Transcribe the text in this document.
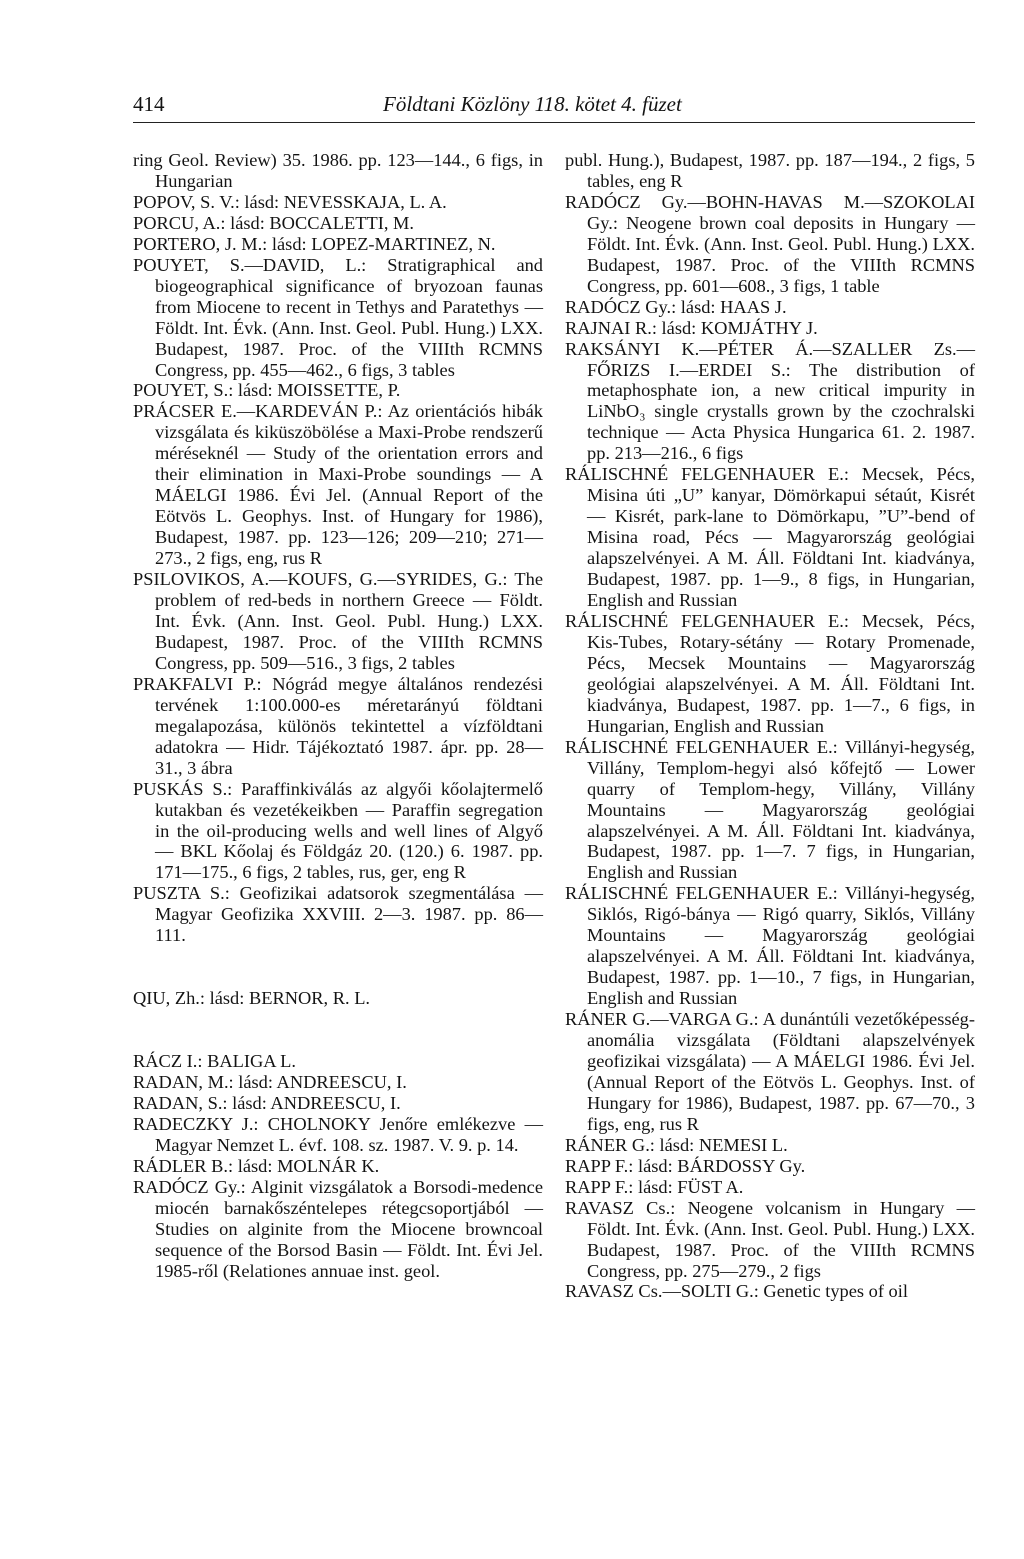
414	Földtani Közlöny 118. kötet 4. füzet

ring Geol. Review) 35. 1986. pp. 123—144., 6 figs, in Hungarian

POPOV, S. V.: lásd: NEVESSKAJA, L. A.

PORCU, A.: lásd: BOCCALETTI, M.

PORTERO, J. M.: lásd: LOPEZ-MARTINEZ, N.

POUYET, S.—DAVID, L.: Stratigraphical and biogeographical significance of bryozoan faunas from Miocene to recent in Tethys and Paratethys — Földt. Int. Évk. (Ann. Inst. Geol. Publ. Hung.) LXX. Budapest, 1987. Proc. of the VIIIth RCMNS Congress, pp. 455—462., 6 figs, 3 tables

POUYET, S.: lásd: MOISSETTE, P.

PRÁCSER E.—KARDEVÁN P.: Az orientációs hibák vizsgálata és kiküszöbölése a Maxi-Probe rendszerű méréseknél — Study of the orientation errors and their elimination in Maxi-Probe soundings — A MÁELGI 1986. Évi Jel. (Annual Report of the Eötvös L. Geophys. Inst. of Hungary for 1986), Budapest, 1987. pp. 123—126; 209—210; 271—273., 2 figs, eng, rus R

PSILOVIKOS, A.—KOUFS, G.—SYRIDES, G.: The problem of red-beds in northern Greece — Földt. Int. Évk. (Ann. Inst. Geol. Publ. Hung.) LXX. Budapest, 1987. Proc. of the VIIIth RCMNS Congress, pp. 509—516., 3 figs, 2 tables

PRAKFALVI P.: Nógrád megye általános rendezési tervének 1:100.000-es méretarányú földtani megalapozása, különös tekintettel a vízföldtani adatokra — Hidr. Tájékoztató 1987. ápr. pp. 28—31., 3 ábra

PUSKÁS S.: Paraffinkiválás az algyői kőolajtermelő kutakban és vezetékeikben — Paraffin segregation in the oil-producing wells and well lines of Algyő — BKL Kőolaj és Földgáz 20. (120.) 6. 1987. pp. 171—175., 6 figs, 2 tables, rus, ger, eng R

PUSZTA S.: Geofizikai adatsorok szegmentálása — Magyar Geofizika XXVIII. 2—3. 1987. pp. 86—111.

QIU, Zh.: lásd: BERNOR, R. L.

RÁCZ I.: BALIGA L.

RADAN, M.: lásd: ANDREESCU, I.

RADAN, S.: lásd: ANDREESCU, I.

RADECZKY J.: CHOLNOKY Jenőre emlékezve — Magyar Nemzet L. évf. 108. sz. 1987. V. 9. p. 14.

RÁDLER B.: lásd: MOLNÁR K.

RADÓCZ Gy.: Alginit vizsgálatok a Borsodi-medence miocén barnakőszéntelepes rétegcsoportjából — Studies on alginite from the Miocene browncoal sequence of the Borsod Basin — Földt. Int. Évi Jel. 1985-ről (Relationes annuae inst. geol.

publ. Hung.), Budapest, 1987. pp. 187—194., 2 figs, 5 tables, eng R

RADÓCZ Gy.—BOHN-HAVAS M.—SZOKOLAI Gy.: Neogene brown coal deposits in Hungary — Földt. Int. Évk. (Ann. Inst. Geol. Publ. Hung.) LXX. Budapest, 1987. Proc. of the VIIIth RCMNS Congress, pp. 601—608., 3 figs, 1 table

RADÓCZ Gy.: lásd: HAAS J.

RAJNAI R.: lásd: KOMJÁTHY J.

RAKSÁNYI K.—PÉTER Á.—SZALLER Zs.—FŐRIZS I.—ERDEI S.: The distribution of metaphosphate ion, a new critical impurity in LiNbO₃ single crystalls grown by the czochralski technique — Acta Physica Hungarica 61. 2. 1987. pp. 213—216., 6 figs

RÁLISCHNÉ FELGENHAUER E.: Mecsek, Pécs, Misina úti „U” kanyar, Dömörkapui sétaút, Kisrét — Kisrét, park-lane to Dömörkapu, ”U”-bend of Misina road, Pécs — Magyarország geológiai alapszelvényei. A M. Áll. Földtani Int. kiadványa, Budapest, 1987. pp. 1—9., 8 figs, in Hungarian, English and Russian

RÁLISCHNÉ FELGENHAUER E.: Mecsek, Pécs, Kis-Tubes, Rotary-sétány — Rotary Promenade, Pécs, Mecsek Mountains — Magyarország geológiai alapszelvényei. A M. Áll. Földtani Int. kiadványa, Budapest, 1987. pp. 1—7., 6 figs, in Hungarian, English and Russian

RÁLISCHNÉ FELGENHAUER E.: Villányi-hegység, Villány, Templom-hegyi alsó kőfejtő — Lower quarry of Templom-hegy, Villány, Villány Mountains — Magyarország geológiai alapszelvényei. A M. Áll. Földtani Int. kiadványa, Budapest, 1987. pp. 1—7. 7 figs, in Hungarian, English and Russian

RÁLISCHNÉ FELGENHAUER E.: Villányi-hegység, Siklós, Rigó-bánya — Rigó quarry, Siklós, Villány Mountains — Magyarország geológiai alapszelvényei. A M. Áll. Földtani Int. kiadványa, Budapest, 1987. pp. 1—10., 7 figs, in Hungarian, English and Russian

RÁNER G.—VARGA G.: A dunántúli vezetőképesség-anomália vizsgálata (Földtani alapszelvények geofizikai vizsgálata) — A MÁELGI 1986. Évi Jel. (Annual Report of the Eötvös L. Geophys. Inst. of Hungary for 1986), Budapest, 1987. pp. 67—70., 3 figs, eng, rus R

RÁNER G.: lásd: NEMESI L.

RAPP F.: lásd: BÁRDOSSY Gy.

RAPP F.: lásd: FÜST A.

RAVASZ Cs.: Neogene volcanism in Hungary — Földt. Int. Évk. (Ann. Inst. Geol. Publ. Hung.) LXX. Budapest, 1987. Proc. of the VIIIth RCMNS Congress, pp. 275—279., 2 figs

RAVASZ Cs.—SOLTI G.: Genetic types of oil
